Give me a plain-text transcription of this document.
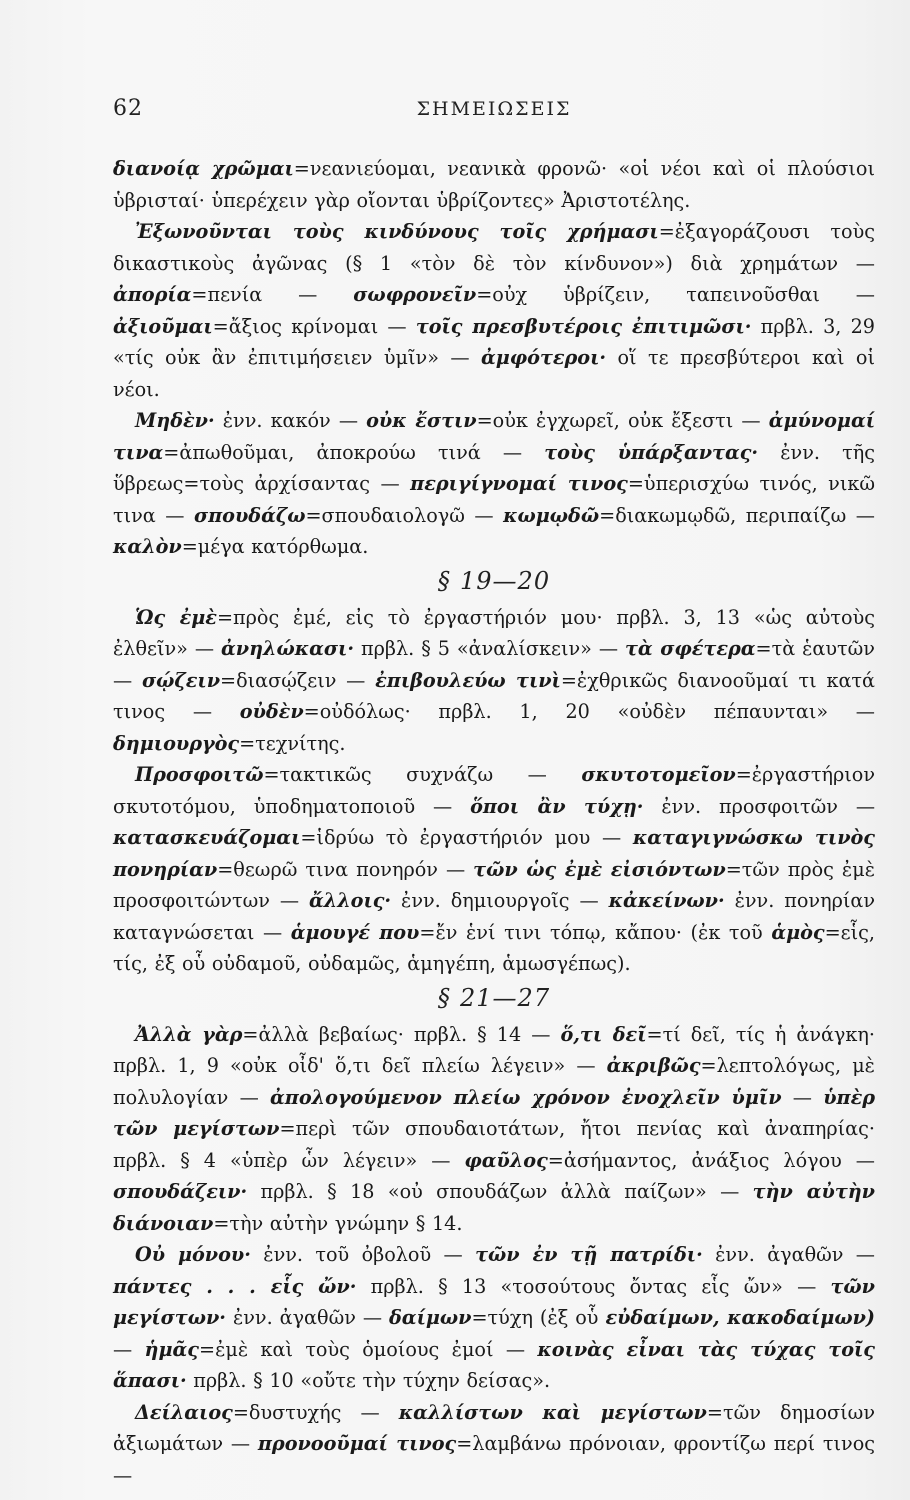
62	ΣΗΜΕΙΩΣΕΙΣ

διανοίᾳ χρῶμαι=νεανιεύομαι, νεανικὰ φρονῶ· «οἱ νέοι καὶ οἱ πλούσιοι ὑβρισταί· ὑπερέχειν γὰρ οἴονται ὑβρίζοντες» Ἀριστοτέλης.

Ἐξωνοῦνται τοὺς κινδύνους τοῖς χρήμασι=ἐξαγοράζουσι τοὺς δικαστικοὺς ἀγῶνας (§ 1 «τὸν δὲ τὸν κίνδυνον») διὰ χρημάτων — ἀπορία=πενία — σωφρονεῖν=οὐχ ὑβρίζειν, ταπεινοῦσθαι — ἀξιοῦμαι=ἄξιος κρίνομαι — τοῖς πρεσβυτέροις ἐπιτιμῶσι· πρβλ. 3, 29 «τίς οὐκ ἂν ἐπιτιμήσειεν ὑμῖν» — ἀμφότεροι· οἵ τε πρεσβύτεροι καὶ οἱ νέοι.

Μηδὲν· ἐνν. κακόν — οὐκ ἔστιν=οὐκ ἐγχωρεῖ, οὐκ ἔξεστι — ἀμύνομαί τινα=ἀπωθοῦμαι, ἀποκρούω τινά — τοὺς ὑπάρξαντας· ἐνν. τῆς ὕβρεως=τοὺς ἀρχίσαντας — περιγίγνομαί τινος=ὑπερισχύω τινός, νικῶ τινα — σπουδάζω=σπουδαιολογῶ — κωμῳδῶ=διακωμῳδῶ, περιπαίζω — καλὸν=μέγα κατόρθωμα.

§ 19—20

Ὡς ἐμὲ=πρὸς ἐμέ, εἰς τὸ ἐργαστήριόν μου· πρβλ. 3, 13 «ὡς αὐτοὺς ἐλθεῖν» — ἀνηλώκασι· πρβλ. § 5 «ἀναλίσκειν» — τὰ σφέτερα=τὰ ἑαυτῶν — σῴζειν=διασῴζειν — ἐπιβουλεύω τινὶ=ἐχθρικῶς διανοοῦμαί τι κατά τινος — οὐδὲν=οὐδόλως· πρβλ. 1, 20 «οὐδὲν πέπαυνται» — δημιουργὸς=τεχνίτης.

Προσφοιτῶ=τακτικῶς συχνάζω — σκυτοτομεῖον=ἐργαστήριον σκυτοτόμου, ὑποδηματοποιοῦ — ὅποι ἂν τύχῃ· ἐνν. προσφοιτῶν — κατασκευάζομαι=ἱδρύω τὸ ἐργαστήριόν μου — καταγιγνώσκω τινὸς πονηρίαν=θεωρῶ τινα πονηρόν — τῶν ὡς ἐμὲ εἰσιόντων=τῶν πρὸς ἐμὲ προσφοιτώντων — ἄλλοις· ἐνν. δημιουργοῖς — κἀκείνων· ἐνν. πονηρίαν καταγνώσεται — ἁμουγέ που=ἔν ἑνί τινι τόπῳ, κἄπου· (ἐκ τοῦ ἁμὸς=εἷς, τίς, ἐξ οὗ οὐδαμοῦ, οὐδαμῶς, ἁμηγέπη, ἁμωσγέπως).

§ 21—27

Ἀλλὰ γὰρ=ἀλλὰ βεβαίως· πρβλ. § 14 — ὅ,τι δεῖ=τί δεῖ, τίς ἡ ἀνάγκη· πρβλ. 1, 9 «οὐκ οἶδ' ὅ,τι δεῖ πλείω λέγειν» — ἀκριβῶς=λεπτολόγως, μὲ πολυλογίαν — ἀπολογούμενον πλείω χρόνον ἐνοχλεῖν ὑμῖν — ὑπὲρ τῶν μεγίστων=περὶ τῶν σπουδαιοτάτων, ἤτοι πενίας καὶ ἀναπηρίας· πρβλ. § 4 «ὑπὲρ ὧν λέγειν» — φαῦλος=ἀσήμαντος, ἀνάξιος λόγου — σπουδάζειν· πρβλ. § 18 «οὐ σπουδάζων ἀλλὰ παίζων» — τὴν αὐτὴν διάνοιαν=τὴν αὐτὴν γνώμην § 14.

Οὐ μόνου· ἐνν. τοῦ ὀβολοῦ — τῶν ἐν τῇ πατρίδι· ἐνν. ἀγαθῶν — πάντες . . . εἷς ὤν· πρβλ. § 13 «τοσούτους ὄντας εἷς ὤν» — τῶν μεγίστων· ἐνν. ἀγαθῶν — δαίμων=τύχη (ἐξ οὗ εὐδαίμων, κακοδαίμων) — ἡμᾶς=ἐμὲ καὶ τοὺς ὁμοίους ἐμοί — κοινὰς εἶναι τὰς τύχας τοῖς ἅπασι· πρβλ. § 10 «οὔτε τὴν τύχην δείσας».

Δείλαιος=δυστυχής — καλλίστων καὶ μεγίστων=τῶν δημοσίων ἀξιωμάτων — προνοοῦμαί τινος=λαμβάνω πρόνοιαν, φροντίζω περί τινος —
